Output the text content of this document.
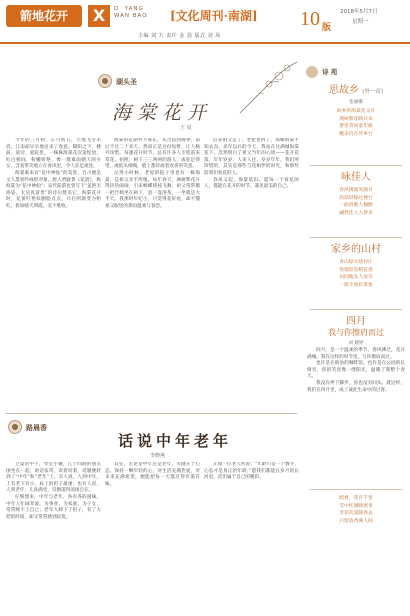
箭地花开	X	D  YANG
WAN BAO [文化周刊·南湖] 10 版
2018年5月7日
星期一
主编 刘 方 责任 金 晨 版式 刘 凤
湖头圣
海棠花开
王 晨

今年的三月初，正月初五，天地飞雪未消，江南却早早地送来了春意。暖阳之下，楼前、道旁、庭院里，一株株海棠花次第绽放，红白相间，粉嫩娇艳，像一群素面朝天的少女，含羞带笑地立在春风里，令人驻足流连。

海棠素来有“花中神仙”的美誉，自古便是文人墨客吟咏的对象。唐人贾耽著《花谱》，称海棠为“花中神仙”；宋代陆游也曾写下“虽艳无俗姿，太皇真富贵”的诗句赞美它。海棠花开时，花蕾红艳似胭脂点点，开后则渐变为粉红，犹如晓天明霞，美不胜收。

海棠的花期并不算长，从含苞到凋零，前后不过二十来天。然而正是这份短暂，让人格外珍惜。每逢花开时节，总有许多人专程前来赏花、拍照。树下三三两两的游人，或驻足仰望，或低头细嗅，脸上都洋溢着欢喜的笑意。

记得小时候，老屋的院子里也有一株海棠，是祖父亲手所植。每年春天，满树繁花开得热热闹闹，引来蜂蝶绕枝飞舞。祖父常常搬一把竹椅坐在树下，泡一壶清茶，一坐就是大半天。我那时年纪小，只觉得花好看，却不懂祖父眼里的那份温柔与眷恋。

后来祖父走了，老屋也拆了，那株海棠不知去向。多年以后的今天，我站在这满城海棠花下，忽然明白了祖父当年的心境——花开花落，年年岁岁；人来人往，岁岁年年。我们所珍惜的，其实是那些与花相伴的时光，和那些陪我们看花的人。

春风又起，海棠依旧。愿每一个看花的人，都能在花开的时节，遇见最美的自己。

路晨香
话说中年老年
李晓燕

立夏的中午，琴室小聚，几个同龄的朋友围坐在一起，闲话家常。说着说着，话题便转到了“中年”和“老年”上。有人说，人到中年，上有老下有小，肩上的担子最重；也有人说，人到老年，儿孙满堂，反倒落得清闲自在。

仔细想来，中年与老年，各有各的滋味。中年人忙碌奔波，为事业、为家庭、为子女，常常顾不上自己；老年人卸下了担子，有了大把的时间，却又常常感到寂寞。

其实，无论是中年还是老年，关键在于心态。保持一颗年轻的心，对生活充满热爱，对未来充满希望，便能把每一天都过得有滋有味。

正如一位老人所说：“年龄只是一个数字，心态才是真正的年龄。”愿我们都能在岁月的长河里，活出属于自己的精彩。

诗 苑
思故乡 (外一首)
张丽娜
故乡的海棠花又开
满树繁花映日来
梦里常回童年路
醒来仍在异乡台
咏佳人
春风拂面笑颜开
款款轻移过楼台
一曲清歌人倾醉
翩然佳人入梦来
家乡的山村
青山绿水绕村庄
炊烟袅袅稻花香
田间地头人欢笑
一派丰收好景象
四月
我与你擦肩而过
刘 婉婷

四月，是一个温柔的季节。春风拂过，花开满城，我在这样的时节里，与你擦肩而过。

也许是在街角的咖啡馆，也许是在公园的长椅旁，你的笑容像一缕阳光，温暖了我整个春天。

我没有停下脚步，你也没有回头。就这样，我们在四月里，成了彼此生命中的过客。

暗香，花开千里
雪中红颜映寒冬
芳菲次第随春去
只留清香满人间
